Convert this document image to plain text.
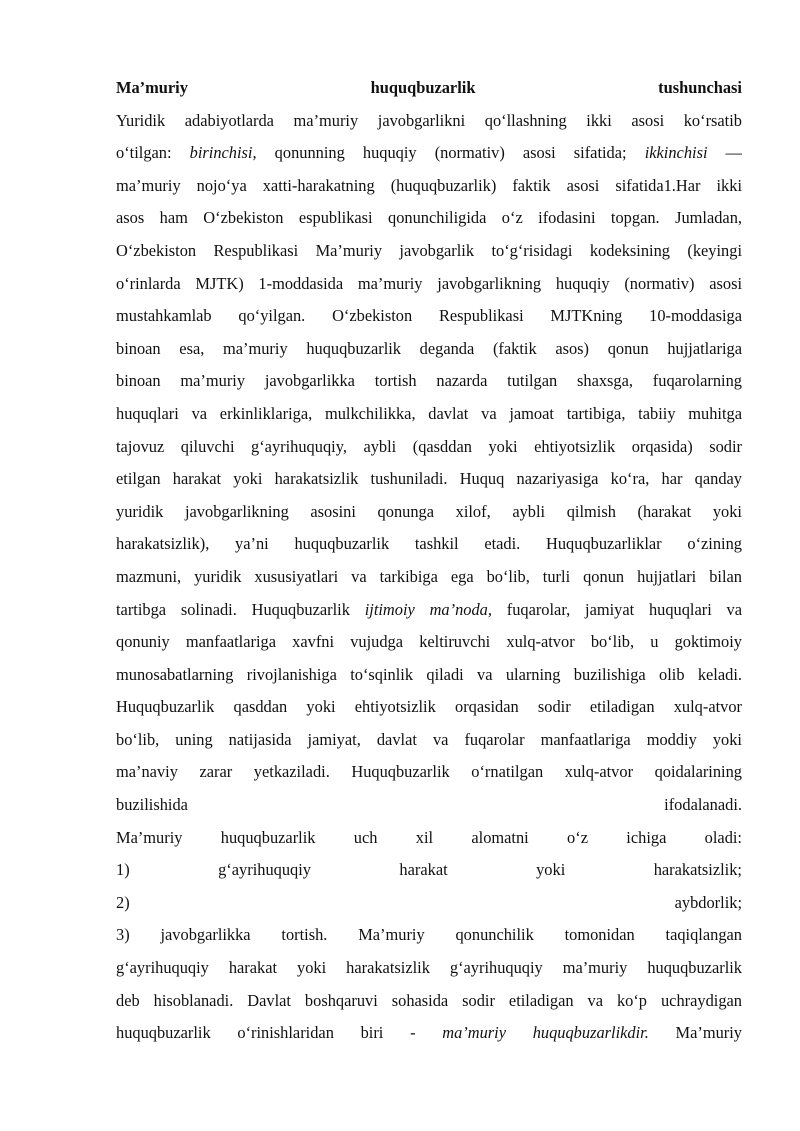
Ma’muriy huquqbuzarlik tushunchasi
Yuridik adabiyotlarda ma’muriy javobgarlikni qo‘llashning ikki asosi ko‘rsatib
o‘tilgan: birinchisi, qonunning huquqiy (normativ) asosi sifatida; ikkinchisi —
ma’muriy nojo‘ya xatti-harakatning (huquqbuzarlik) faktik asosi sifatida1.Har ikki
asos ham O‘zbekiston espublikasi qonunchiligida o‘z ifodasini topgan. Jumladan,
O‘zbekiston Respublikasi Ma’muriy javobgarlik to‘g‘risidagi kodeksining (keyingi
o‘rinlarda MJTK) 1-moddasida ma’muriy javobgarlikning huquqiy (normativ) asosi
mustahkamlab qo‘yilgan. O‘zbekiston Respublikasi MJTKning 10-moddasiga
binoan esa, ma’muriy huquqbuzarlik deganda (faktik asos) qonun hujjatlariga
binoan ma’muriy javobgarlikka tortish nazarda tutilgan shaxsga, fuqarolarning
huquqlari va erkinliklariga, mulkchilikka, davlat va jamoat tartibiga, tabiiy muhitga
tajovuz qiluvchi g‘ayrihuquqiy, aybli (qasddan yoki ehtiyotsizlik orqasida) sodir
etilgan harakat yoki harakatsizlik tushuniladi. Huquq nazariyasiga ko‘ra, har qanday
yuridik javobgarlikning asosini qonunga xilof, aybli qilmish (harakat yoki
harakatsizlik), ya’ni huquqbuzarlik tashkil etadi. Huquqbuzarliklar o‘zining
mazmuni, yuridik xususiyatlari va tarkibiga ega bo‘lib, turli qonun hujjatlari bilan
tartibga solinadi. Huquqbuzarlik ijtimoiy ma’noda, fuqarolar, jamiyat huquqlari va
qonuniy manfaatlariga xavfni vujudga keltiruvchi xulq-atvor bo‘lib, u goktimoiy
munosabatlarning rivojlanishiga to‘sqinlik qiladi va ularning buzilishiga olib keladi.
Huquqbuzarlik qasddan yoki ehtiyotsizlik orqasidan sodir etiladigan xulq-atvor
bo‘lib, uning natijasida jamiyat, davlat va fuqarolar manfaatlariga moddiy yoki
ma’naviy zarar yetkaziladi. Huquqbuzarlik o‘rnatilgan xulq-atvor qoidalarining
buzilishida ifodalanadi.
Ma’muriy huquqbuzarlik uch xil alomatni o‘z ichiga oladi:
1) g‘ayrihuquqiy harakat yoki harakatsizlik;
2) aybdorlik;
3) javobgarlikka tortish. Ma’muriy qonunchilik tomonidan taqiqlangan
g‘ayrihuquqiy harakat yoki harakatsizlik g‘ayrihuquqiy ma’muriy huquqbuzarlik
deb hisoblanadi. Davlat boshqaruvi sohasida sodir etiladigan va ko‘p uchraydigan
huquqbuzarlik o‘rinishlaridan biri - ma’muriy huquqbuzarlikdir. Ma’muriy
